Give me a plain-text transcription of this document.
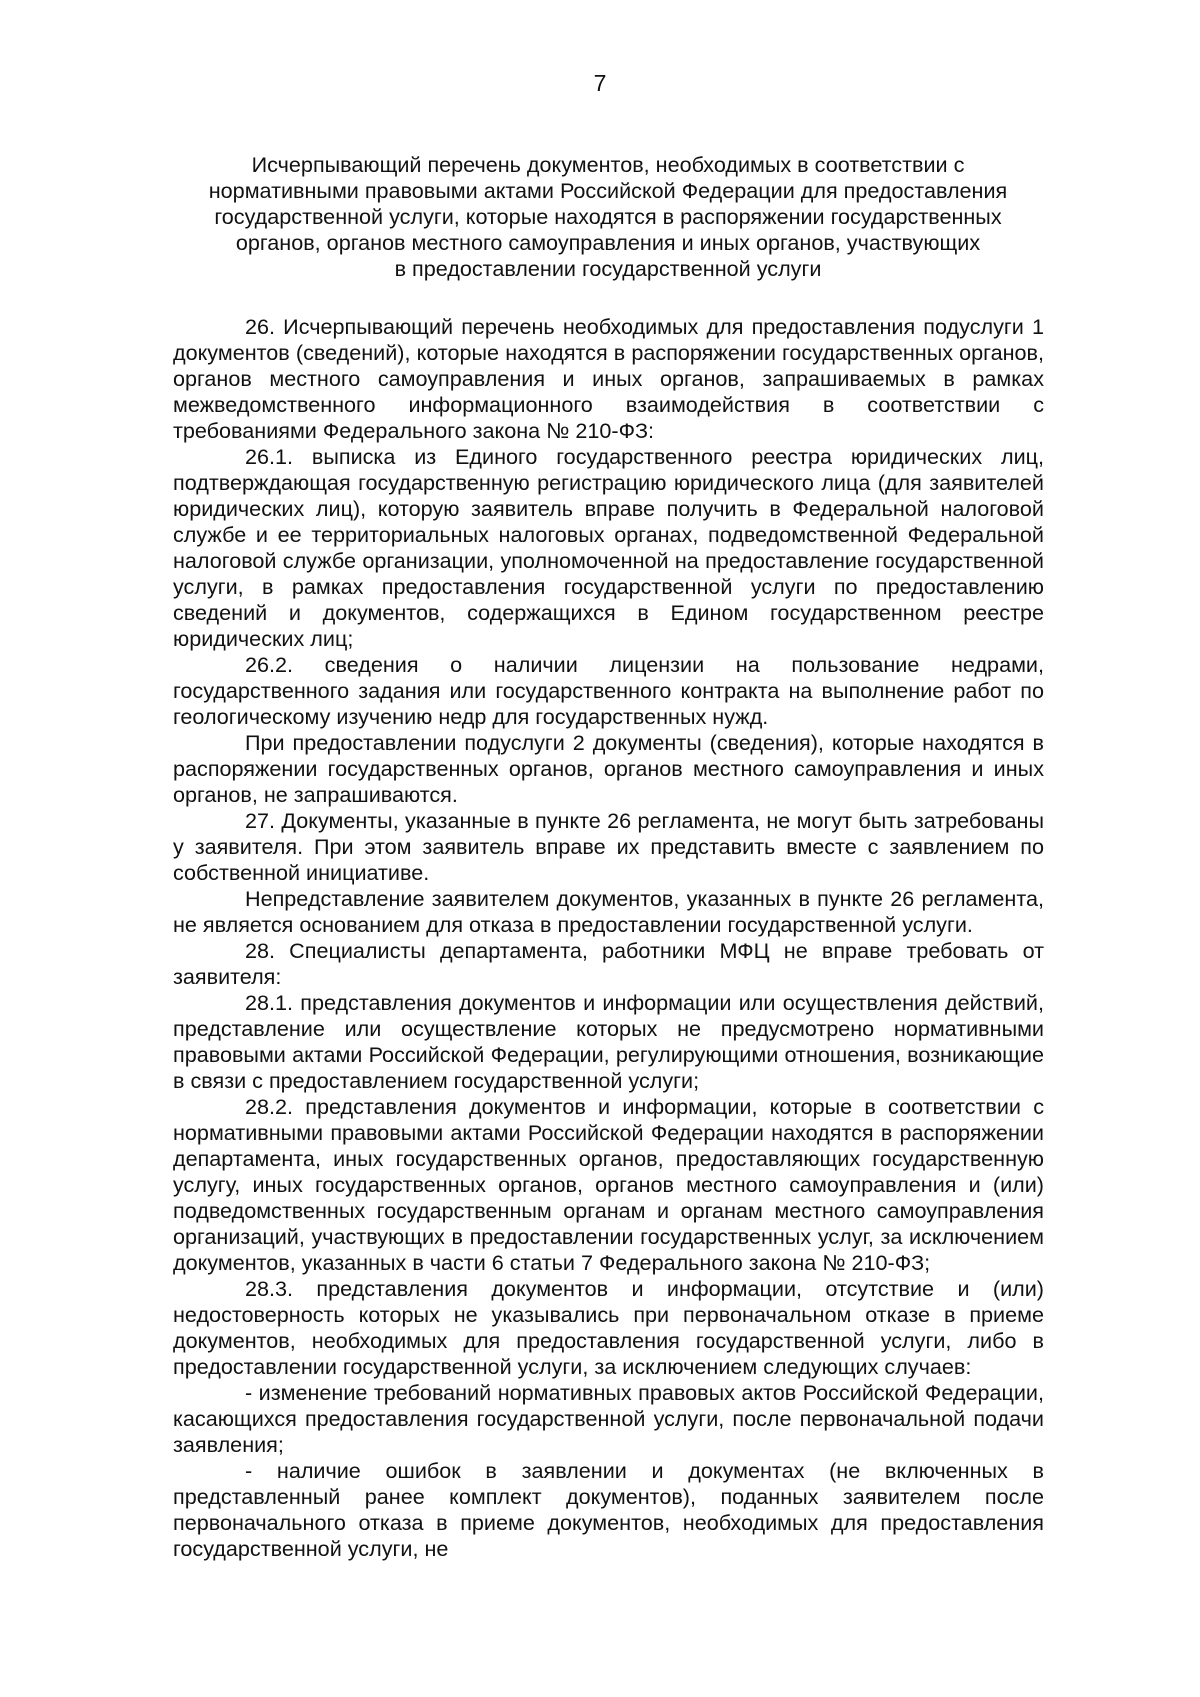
7
Исчерпывающий перечень документов, необходимых в соответствии с
нормативными правовыми актами Российской Федерации для предоставления
государственной услуги, которые находятся в распоряжении государственных
органов, органов местного самоуправления и иных органов, участвующих
в предоставлении государственной услуги

26. Исчерпывающий перечень необходимых для предоставления подуслуги 1 документов (сведений), которые находятся в распоряжении государственных органов, органов местного самоуправления и иных органов, запрашиваемых в рамках межведомственного информационного взаимодействия в соответствии с требованиями Федерального закона № 210-ФЗ:

26.1. выписка из Единого государственного реестра юридических лиц, подтверждающая государственную регистрацию юридического лица (для заявителей юридических лиц), которую заявитель вправе получить в Федеральной налоговой службе и ее территориальных налоговых органах, подведомственной Федеральной налоговой службе организации, уполномоченной на предоставление государственной услуги, в рамках предоставления государственной услуги по предоставлению сведений и документов, содержащихся в Едином государственном реестре юридических лиц;

26.2. сведения о наличии лицензии на пользование недрами, государственного задания или государственного контракта на выполнение работ по геологическому изучению недр для государственных нужд.

При предоставлении подуслуги 2 документы (сведения), которые находятся в распоряжении государственных органов, органов местного самоуправления и иных органов, не запрашиваются.

27. Документы, указанные в пункте 26 регламента, не могут быть затребованы у заявителя. При этом заявитель вправе их представить вместе с заявлением по собственной инициативе.

Непредставление заявителем документов, указанных в пункте 26 регламента, не является основанием для отказа в предоставлении государственной услуги.

28. Специалисты департамента, работники МФЦ не вправе требовать от заявителя:

28.1. представления документов и информации или осуществления действий, представление или осуществление которых не предусмотрено нормативными правовыми актами Российской Федерации, регулирующими отношения, возникающие в связи с предоставлением государственной услуги;

28.2. представления документов и информации, которые в соответствии с нормативными правовыми актами Российской Федерации находятся в распоряжении департамента, иных государственных органов, предоставляющих государственную услугу, иных государственных органов, органов местного самоуправления и (или) подведомственных государственным органам и органам местного самоуправления организаций, участвующих в предоставлении государственных услуг, за исключением документов, указанных в части 6 статьи 7 Федерального закона № 210-ФЗ;

28.3. представления документов и информации, отсутствие и (или) недостоверность которых не указывались при первоначальном отказе в приеме документов, необходимых для предоставления государственной услуги, либо в предоставлении государственной услуги, за исключением следующих случаев:

- изменение требований нормативных правовых актов Российской Федерации, касающихся предоставления государственной услуги, после первоначальной подачи заявления;

- наличие ошибок в заявлении и документах (не включенных в представленный ранее комплект документов), поданных заявителем после первоначального отказа в приеме документов, необходимых для предоставления государственной услуги, не
